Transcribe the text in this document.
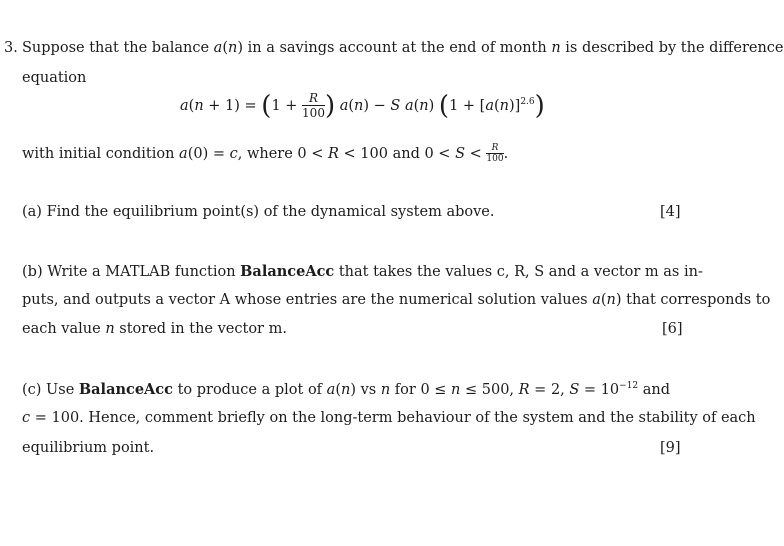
3. Suppose that the balance a(n) in a savings account at the end of month n is described by the difference
equation
$a(n + 1) = (1 + \frac{R}{100}$ ) a(n) − S a(n) $(1 + [a(n)]^{2.6})$
with initial condition a(0) = c, where 0 < R < 100 and $0 < S < \frac{R}{100}$ .
(a) Find the equilibrium point(s) of the dynamical system above.	[4]
(b) Write a MATLAB function BalanceAcc that takes the values c, R, S and a vector m as in-
puts, and outputs a vector A whose entries are the numerical solution values a(n) that corresponds to
each value n stored in the vector m.	[6]
(c) Use BalanceAcc to produce a plot of a(n) vs n for 0 ≤ n ≤ 500, R = 2, $S = 10^{-12}$ and
c = 100. Hence, comment briefly on the long-term behaviour of the system and the stability of each
equilibrium point.	[9]
